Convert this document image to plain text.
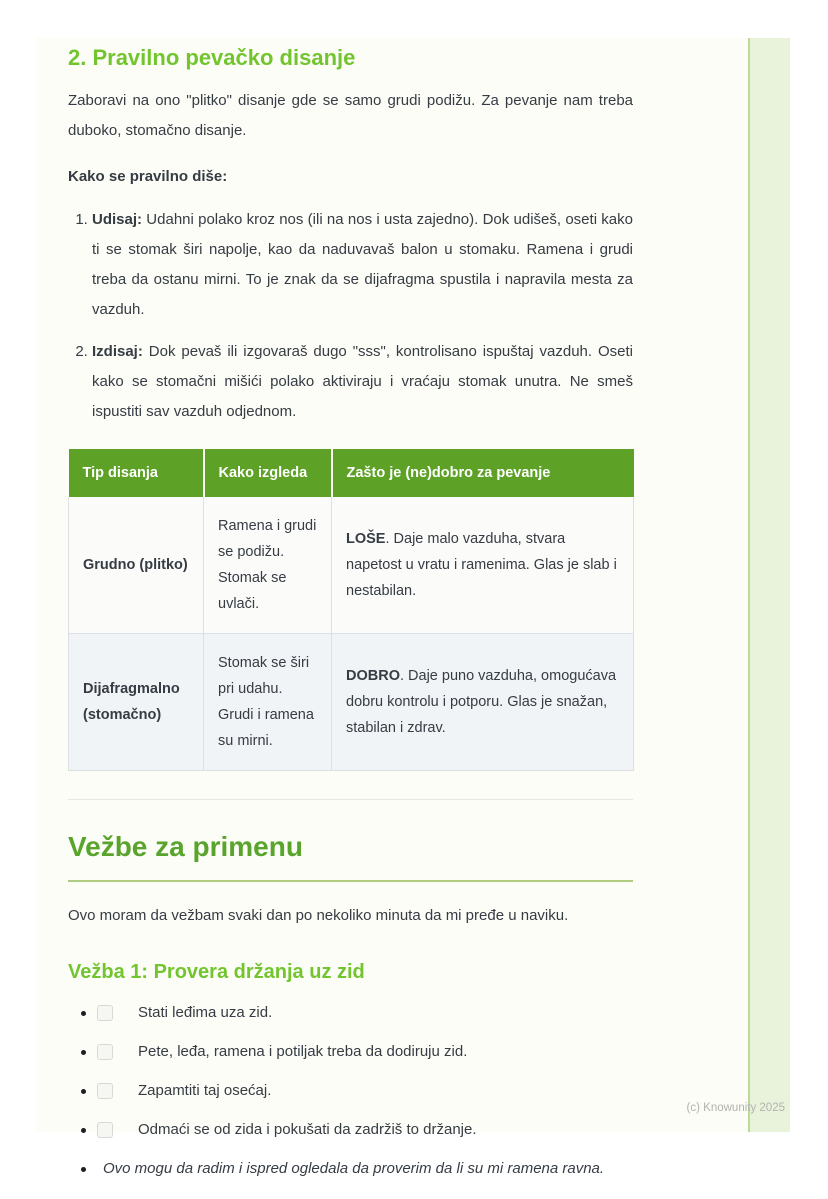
2. Pravilno pevačko disanje

Zaboravi na ono "plitko" disanje gde se samo grudi podižu. Za pevanje nam treba duboko, stomačno disanje.

Kako se pravilno diše:

1. Udisaj: Udahni polako kroz nos (ili na nos i usta zajedno). Dok udišeš, oseti kako ti se stomak širi napolje, kao da naduvavaš balon u stomaku. Ramena i grudi treba da ostanu mirni. To je znak da se dijafragma spustila i napravila mesta za vazduh.
2. Izdisaj: Dok pevaš ili izgovaraš dugo "sss", kontrolisano ispuštaj vazduh. Oseti kako se stomačni mišići polako aktiviraju i vraćaju stomak unutra. Ne smeš ispustiti sav vazduh odjednom.
Tip disanja	Kako izgleda	Zašto je (ne)dobro za pevanje
Grudno (plitko)	Ramena i grudi se podižu. Stomak se uvlači.	LOŠE. Daje malo vazduha, stvara napetost u vratu i ramenima. Glas je slab i nestabilan.
Dijafragmalno (stomačno)	Stomak se širi pri udahu. Grudi i ramena su mirni.	DOBRO. Daje puno vazduha, omogućava dobru kontrolu i potporu. Glas je snažan, stabilan i zdrav.
Vežbe za primenu

Ovo moram da vežbam svaki dan po nekoliko minuta da mi pređe u naviku.

Vežba 1: Provera držanja uz zid
Stati leđima uza zid.
Pete, leđa, ramena i potiljak treba da dodiruju zid.
Zapamtiti taj osećaj.
Odmaći se od zida i pokušati da zadržiš to držanje.
Ovo mogu da radim i ispred ogledala da proverim da li su mi ramena ravna.
(c) Knowunity 2025
